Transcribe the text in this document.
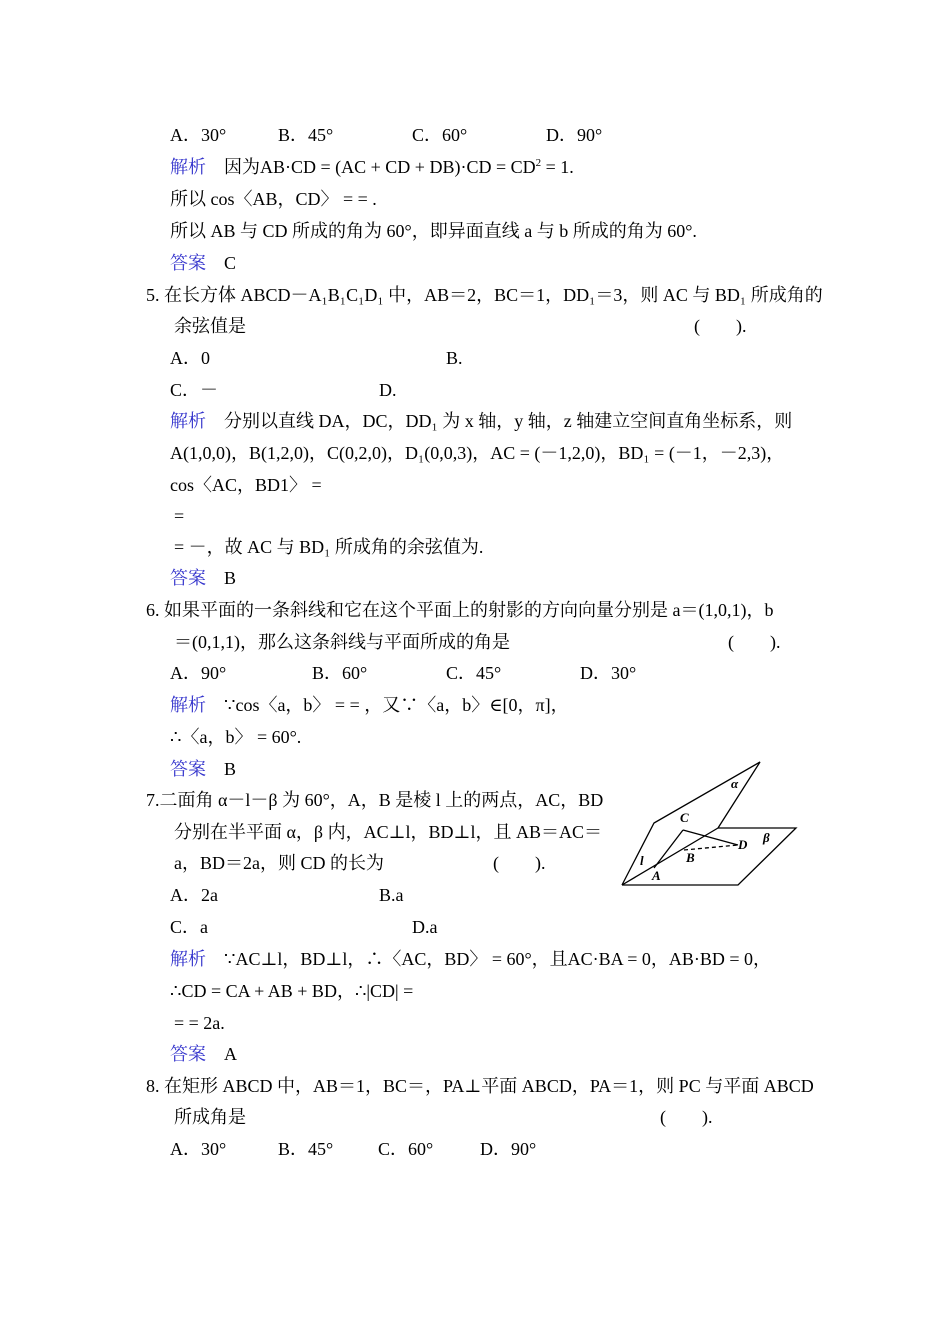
A．30°	B．45°	C．60°	D．90°
解析 因为AB·CD = (AC + CD + $DB)\cdot CD = CD^2 = 1$.
所以 cos〈AB，CD〉 = = .
所以 AB 与 CD 所成的角为 60°，即异面直线 a 与 b 所成的角为 60°.
答案 C
5. 在长方体 ABCD－A₁B₁C₁D₁ 中，AB＝2，BC＝1，DD₁＝3，则 AC 与 BD₁ 所成角的
余弦值是	(　　).
A．0	B.
C．－	D.
解析 分别以直线 DA，DC，DD₁ 为 x 轴，y 轴，z 轴建立空间直角坐标系，则
A(1,0,0)，B(1,2,0)，C(0,2,0)，D₁(0,0,3)，AC = (－1,2,0)，BD₁ = (－1，－2,3)，
cos〈AC，BD1〉 =
=
= －，故 AC 与 BD₁ 所成角的余弦值为.
答案 B
6. 如果平面的一条斜线和它在这个平面上的射影的方向向量分别是 a＝(1,0,1)，b
＝(0,1,1)，那么这条斜线与平面所成的角是	(　　).
A．90°	B．60°	C．45°	D．30°
解析 ∵cos〈a，b〉 = = ，又∵〈a，b〉∈[0，π]，
∴〈a，b〉 = 60°.
答案 B
7.二面角 α－l－β 为 60°，A，B 是棱 l 上的两点，AC，BD
分别在半平面 α，β 内，AC⊥l，BD⊥l，且 AB＝AC＝
a，BD＝2a，则 CD 的长为	(　　).
A．2a	B.a
C．a	D.a
α
β
C
D
B
A
l
解析 ∵AC⊥l，BD⊥l，∴〈AC，BD〉 = 60°，且AC·BA = 0，AB·BD = 0，
∴CD = CA + AB + BD，∴|CD| =
= = 2a.
答案 A
8. 在矩形 ABCD 中，AB＝1，BC＝，PA⊥平面 ABCD，PA＝1，则 PC 与平面 ABCD
所成角是	(　　).
A．30°	B．45° C．60°	D．90°
